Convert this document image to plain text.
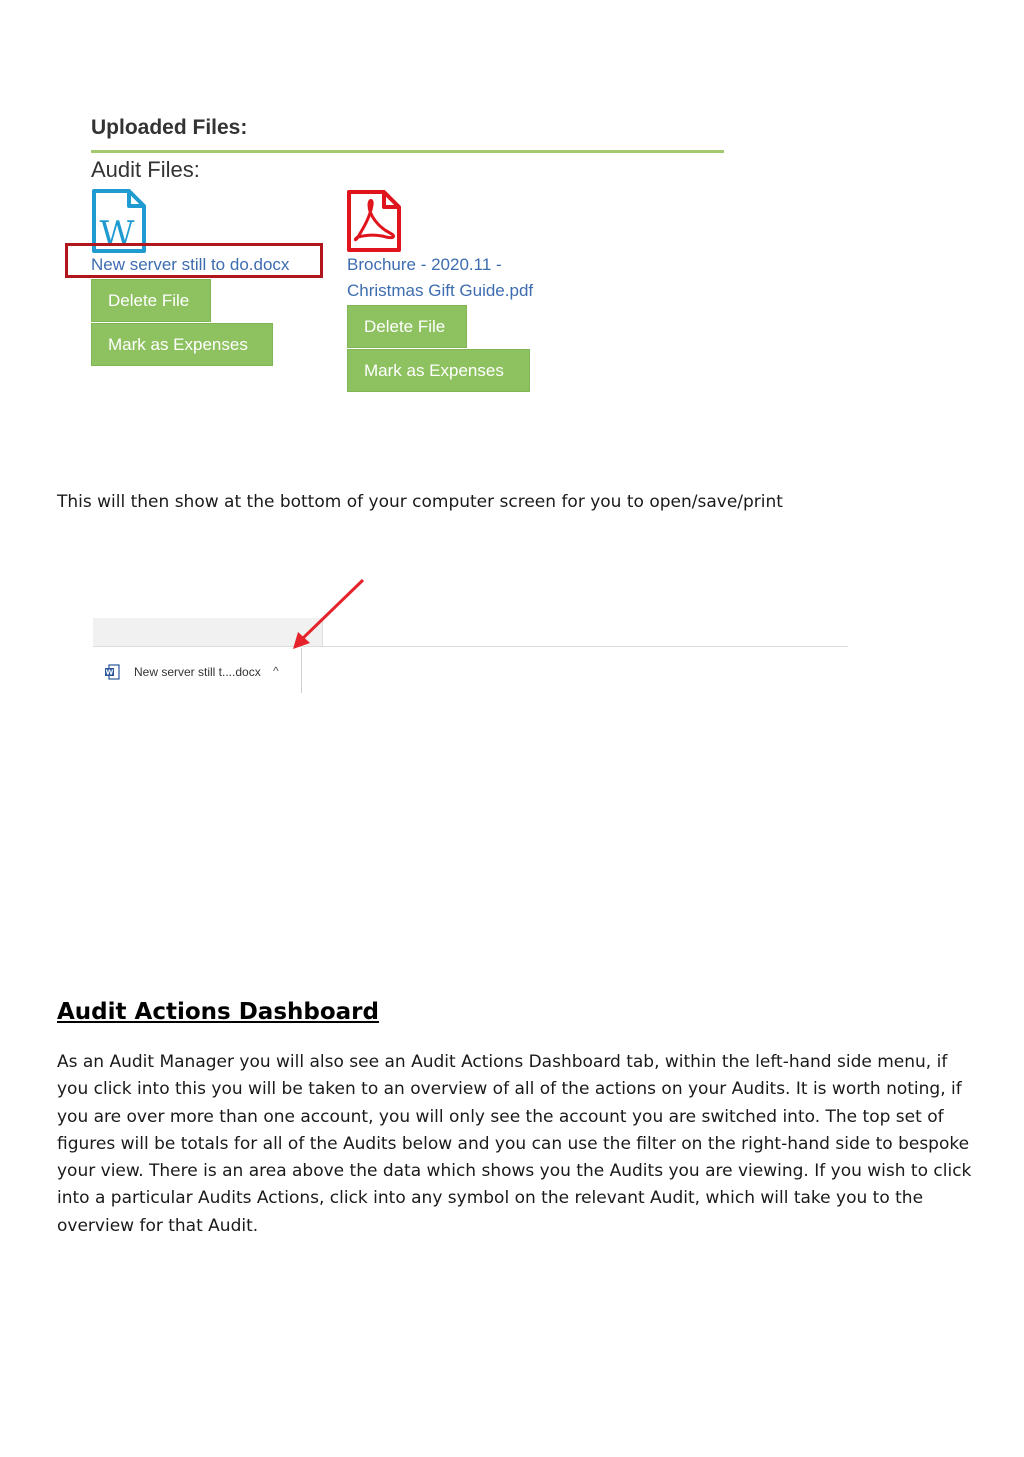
Uploaded Files:
Audit Files:
W
New server still to do.docx
Delete File
Mark as Expenses
Brochure - 2020.11 -
Christmas Gift Guide.pdf
Delete File
Mark as Expenses
This will then show at the bottom of your computer screen for you to open/save/print
W New server still t....docx ^
Audit Actions Dashboard
As an Audit Manager you will also see an Audit Actions Dashboard tab, within the left-hand side menu, if
you click into this you will be taken to an overview of all of the actions on your Audits. It is worth noting, if
you are over more than one account, you will only see the account you are switched into. The top set of
figures will be totals for all of the Audits below and you can use the filter on the right-hand side to bespoke
your view. There is an area above the data which shows you the Audits you are viewing. If you wish to click
into a particular Audits Actions, click into any symbol on the relevant Audit, which will take you to the
overview for that Audit.
